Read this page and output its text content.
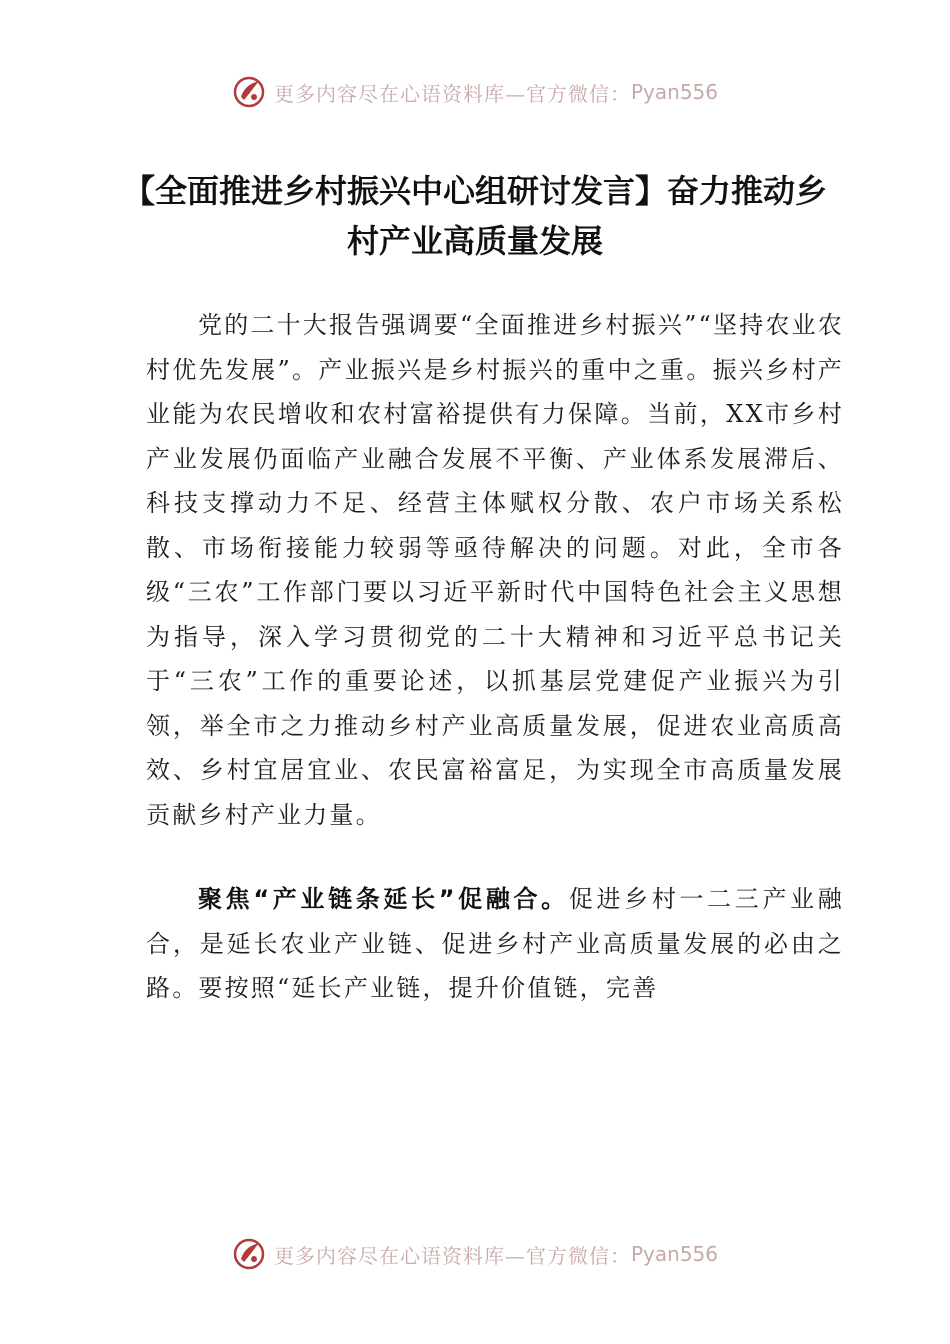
更多内容尽在心语资料库—官方微信： Pyan556
【全面推进乡村振兴中心组研讨发言】奋力推动乡村产业高质量发展

党的二十大报告强调要“全面推进乡村振兴”“坚持农业农村优先发展”。产业振兴是乡村振兴的重中之重。振兴乡村产业能为农民增收和农村富裕提供有力保障。当前，XX市乡村产业发展仍面临产业融合发展不平衡、产业体系发展滞后、科技支撑动力不足、经营主体赋权分散、农户市场关系松散、市场衔接能力较弱等亟待解决的问题。对此，全市各级“三农”工作部门要以习近平新时代中国特色社会主义思想为指导，深入学习贯彻党的二十大精神和习近平总书记关于“三农”工作的重要论述，以抓基层党建促产业振兴为引领，举全市之力推动乡村产业高质量发展，促进农业高质高效、乡村宜居宜业、农民富裕富足，为实现全市高质量发展贡献乡村产业力量。

聚焦“产业链条延长”促融合。促进乡村一二三产业融合，是延长农业产业链、促进乡村产业高质量发展的必由之路。要按照“延长产业链，提升价值链，完善

更多内容尽在心语资料库—官方微信： Pyan556
